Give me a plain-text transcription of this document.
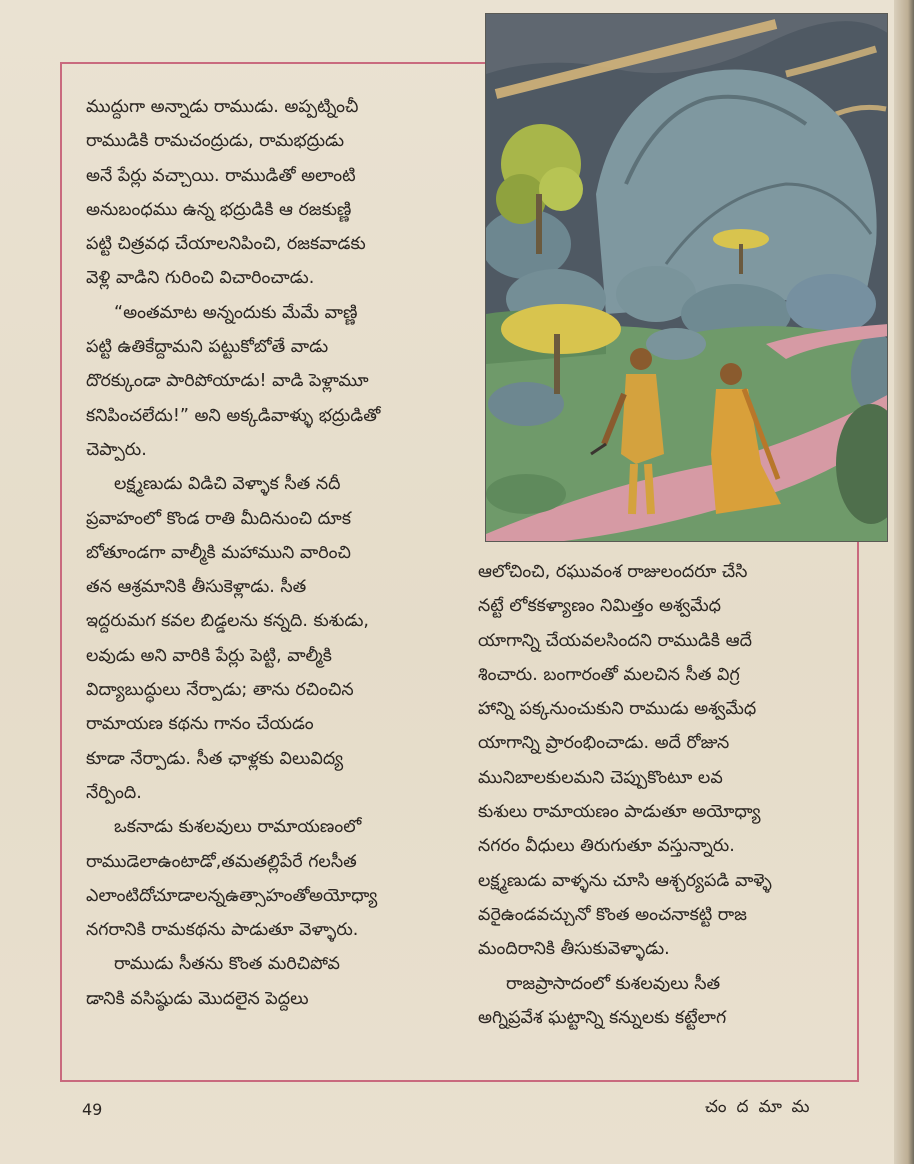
ముద్దుగా అన్నాడు రాముడు. అప్పట్నించీ
రాముడికి రామచంద్రుడు, రామభద్రుడు
అనే పేర్లు వచ్చాయి. రాముడితో అలాంటి
అనుబంధము ఉన్న భద్రుడికి ఆ రజకుణ్ణి
పట్టి చిత్రవధ చేయాలనిపించి, రజకవాడకు
వెళ్లి వాడిని గురించి విచారించాడు.
“అంతమాట అన్నందుకు మేమే వాణ్ణి
పట్టి ఉతికేద్దామని పట్టుకోబోతే వాడు
దొరక్కుండా పారిపోయాడు! వాడి పెళ్లామూ
కనిపించలేదు!” అని అక్కడివాళ్ళు భద్రుడితో
చెప్పారు.
లక్ష్మణుడు విడిచి వెళ్ళాక సీత నదీ
ప్రవాహంలో కొండ రాతి మీదినుంచి దూక
బోతూండగా వాల్మీకి మహాముని వారించి
తన ఆశ్రమానికి తీసుకెళ్లాడు. సీత
ఇద్దరుమగ కవల బిడ్డలను కన్నది. కుశుడు,
లవుడు అని వారికి పేర్లు పెట్టి, వాల్మీకి
విద్యాబుద్ధులు నేర్పాడు; తాను రచించిన
రామాయణ కథను గానం చేయడం
కూడా నేర్పాడు. సీత ఛాళ్లకు విలువిద్య
నేర్పింది.
ఒకనాడు కుశలవులు రామాయణంలో
రాముడెలాఉంటాడో,తమతల్లిపేరే గలసీత
ఎలాంటిదోచూడాలన్నఉత్సాహంతోఅయోధ్యా
నగరానికి రామకథను పాడుతూ వెళ్ళారు.
రాముడు సీతను కొంత మరిచిపోవ
డానికి వసిష్ఠుడు మొదలైన పెద్దలు
ఆలోచించి, రఘువంశ రాజులందరూ చేసి
నట్టే లోకకళ్యాణం నిమిత్తం అశ్వమేధ
యాగాన్ని చేయవలసిందని రాముడికి ఆదే
శించారు. బంగారంతో మలచిన సీత విగ్ర
హాన్ని పక్కనుంచుకుని రాముడు అశ్వమేధ
యాగాన్ని ప్రారంభించాడు. అదే రోజున
మునిబాలకులమని చెప్పుకొంటూ లవ
కుశులు రామాయణం పాడుతూ అయోధ్యా
నగరం వీధులు తిరుగుతూ వస్తున్నారు.
లక్ష్మణుడు వాళ్ళను చూసి ఆశ్చర్యపడి వాళ్ళె
వరైఉండవచ్చునో కొంత అంచనాకట్టి రాజ
మందిరానికి తీసుకువెళ్ళాడు.
రాజప్రాసాదంలో కుశలవులు సీత
అగ్నిప్రవేశ ఘట్టాన్ని కన్నులకు కట్టేలాగ
49	చందమామ
